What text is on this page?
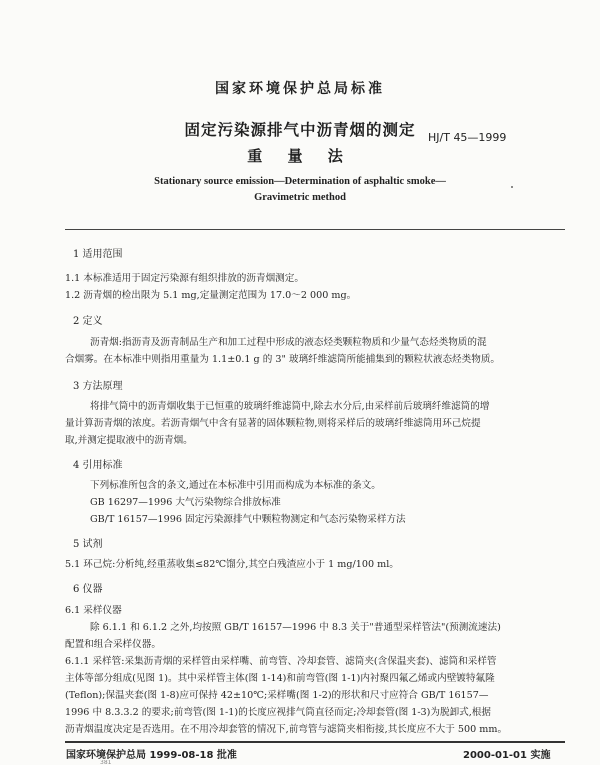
国家环境保护总局标准
固定污染源排气中沥青烟的测定
重 量 法
HJ/T 45—1999
Stationary source emission—Determination of asphaltic smoke—
Gravimetric method
1 适用范围
1.1 本标准适用于固定污染源有组织排放的沥青烟测定。
1.2 沥青烟的检出限为 5.1 mg,定量测定范围为 17.0～2 000 mg。
2 定义
沥青烟:指沥青及沥青制品生产和加工过程中形成的液态烃类颗粒物质和少量气态烃类物质的混
合烟雾。在本标准中则指用重量为 1.1±0.1 g 的 3" 玻璃纤维滤筒所能捕集到的颗粒状液态烃类物质。
3 方法原理
将排气筒中的沥青烟收集于已恒重的玻璃纤维滤筒中,除去水分后,由采样前后玻璃纤维滤筒的增
量计算沥青烟的浓度。若沥青烟气中含有显著的固体颗粒物,则将采样后的玻璃纤维滤筒用环己烷提
取,并测定提取液中的沥青烟。
4 引用标准
下列标准所包含的条文,通过在本标准中引用而构成为本标准的条文。
GB 16297—1996 大气污染物综合排放标准
GB/T 16157—1996 固定污染源排气中颗粒物测定和气态污染物采样方法
5 试剂
5.1 环己烷:分析纯,经重蒸收集≤82℃馏分,其空白残渣应小于 1 mg/100 ml。
6 仪器
6.1 采样仪器
除 6.1.1 和 6.1.2 之外,均按照 GB/T 16157—1996 中 8.3 关于"普通型采样管法"(预测流速法)
配置和组合采样仪器。
6.1.1 采样管:采集沥青烟的采样管由采样嘴、前弯管、冷却套管、滤筒夹(含保温夹套)、滤筒和采样管
主体等部分组成(见图 1)。其中采样管主体(图 1-14)和前弯管(图 1-1)内衬聚四氟乙烯或内壁镀特氟隆
(Teflon);保温夹套(图 1-8)应可保持 42±10℃;采样嘴(图 1-2)的形状和尺寸应符合 GB/T 16157—
1996 中 8.3.3.2 的要求;前弯管(图 1-1)的长度应视排气筒直径而定;冷却套管(图 1-3)为脱卸式,根据
沥青烟温度决定是否选用。在不用冷却套管的情况下,前弯管与滤筒夹相衔接,其长度应不大于 500 mm。
国家环境保护总局 1999-08-18 批准	2000-01-01 实施
381
